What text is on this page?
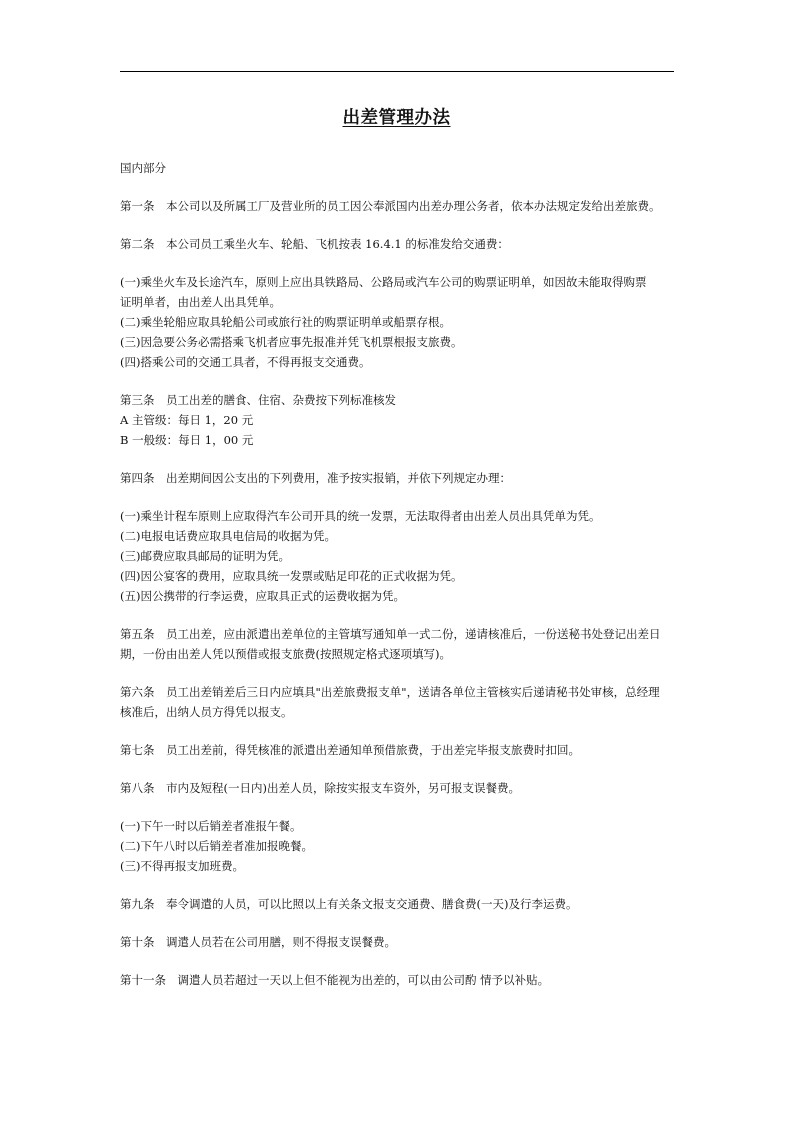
出差管理办法
国内部分
第一条　本公司以及所属工厂及营业所的员工因公奉派国内出差办理公务者，依本办法规定发给出差旅费。
第二条　本公司员工乘坐火车、轮船、飞机按表 16.4.1 的标准发给交通费：
(一)乘坐火车及长途汽车，原则上应出具铁路局、公路局或汽车公司的购票证明单，如因故未能取得购票
证明单者，由出差人出具凭单。
(二)乘坐轮船应取具轮船公司或旅行社的购票证明单或船票存根。
(三)因急要公务必需搭乘飞机者应事先报准并凭飞机票根报支旅费。
(四)搭乘公司的交通工具者，不得再报支交通费。
第三条　员工出差的膳食、住宿、杂费按下列标准核发
A 主管级：每日 1，20 元
B 一般级：每日 1，00 元
第四条　出差期间因公支出的下列费用，准予按实报销，并依下列规定办理：
(一)乘坐计程车原则上应取得汽车公司开具的统一发票，无法取得者由出差人员出具凭单为凭。
(二)电报电话费应取具电信局的收据为凭。
(三)邮费应取具邮局的证明为凭。
(四)因公宴客的费用，应取具统一发票或贴足印花的正式收据为凭。
(五)因公携带的行李运费，应取具正式的运费收据为凭。
第五条　员工出差，应由派遣出差单位的主管填写通知单一式二份，递请核准后，一份送秘书处登记出差日
期，一份由出差人凭以预借或报支旅费(按照规定格式逐项填写)。
第六条　员工出差销差后三日内应填具"出差旅费报支单"，送请各单位主管核实后递请秘书处审核，总经理
核准后，出纳人员方得凭以报支。
第七条　员工出差前，得凭核准的派遣出差通知单预借旅费，于出差完毕报支旅费时扣回。
第八条　市内及短程(一日内)出差人员，除按实报支车资外，另可报支误餐费。
(一)下午一时以后销差者准报午餐。
(二)下午八时以后销差者准加报晚餐。
(三)不得再报支加班费。
第九条　奉令调遣的人员，可以比照以上有关条文报支交通费、膳食费(一天)及行李运费。
第十条　调遣人员若在公司用膳，则不得报支误餐费。
第十一条　调遣人员若超过一天以上但不能视为出差的，可以由公司酌 情予以补贴。
